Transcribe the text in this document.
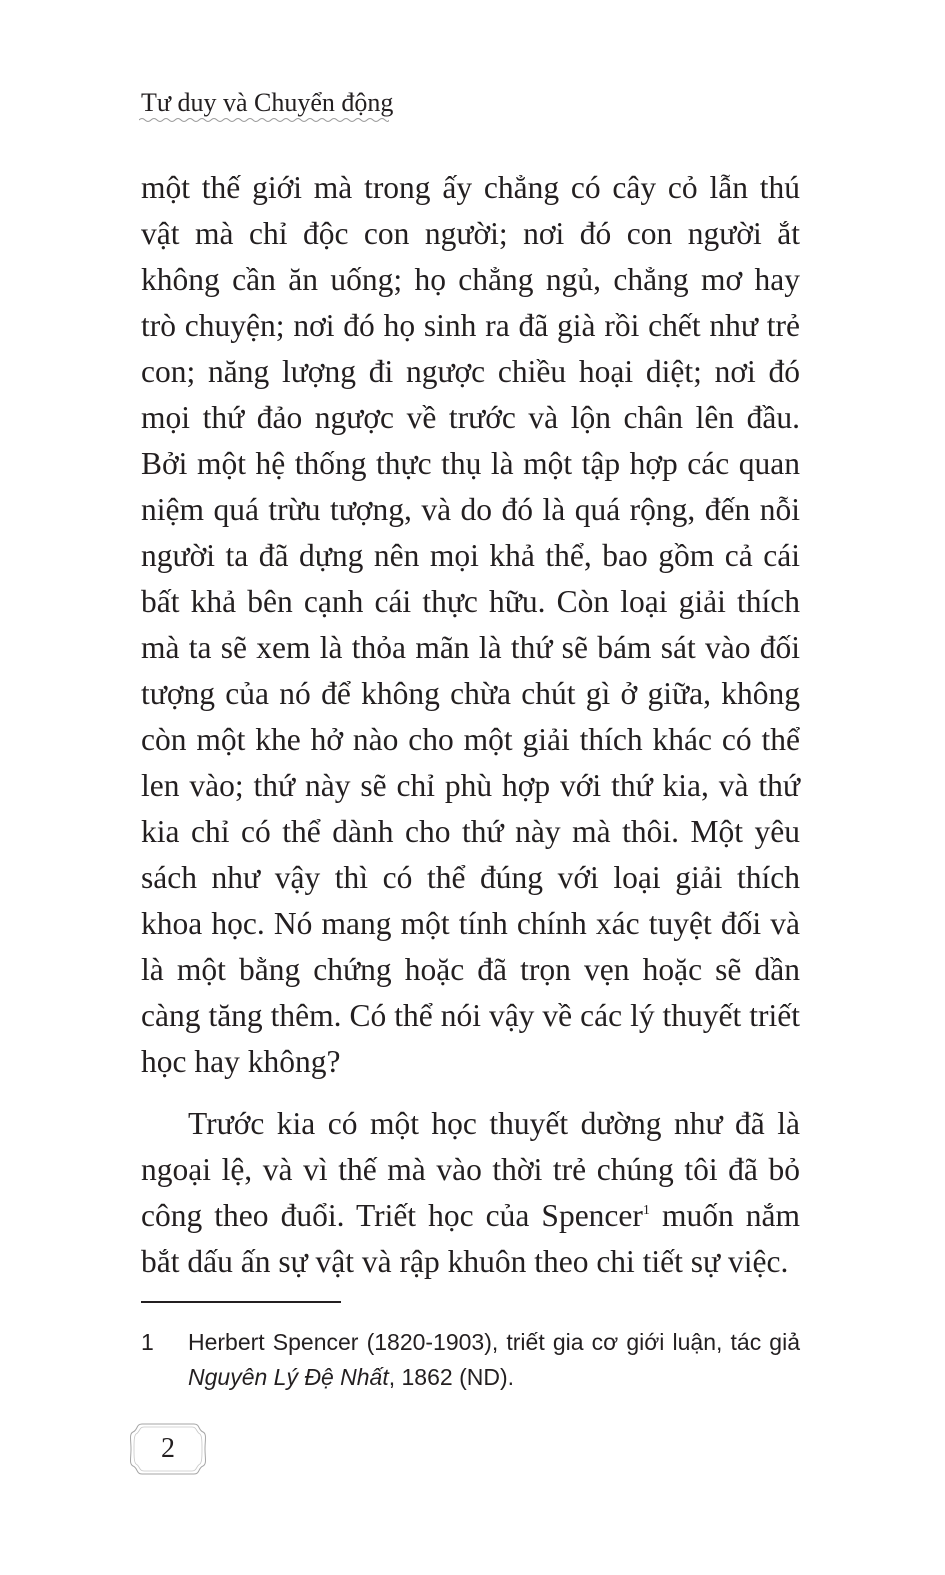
Tư duy và Chuyển động

một thế giới mà trong ấy chẳng có cây cỏ lẫn thú vật mà chỉ độc con người; nơi đó con người ắt không cần ăn uống; họ chẳng ngủ, chẳng mơ hay trò chuyện; nơi đó họ sinh ra đã già rồi chết như trẻ con; năng lượng đi ngược chiều hoại diệt; nơi đó mọi thứ đảo ngược về trước và lộn chân lên đầu. Bởi một hệ thống thực thụ là một tập hợp các quan niệm quá trừu tượng, và do đó là quá rộng, đến nỗi người ta đã dựng nên mọi khả thể, bao gồm cả cái bất khả bên cạnh cái thực hữu. Còn loại giải thích mà ta sẽ xem là thỏa mãn là thứ sẽ bám sát vào đối tượng của nó để không chừa chút gì ở giữa, không còn một khe hở nào cho một giải thích khác có thể len vào; thứ này sẽ chỉ phù hợp với thứ kia, và thứ kia chỉ có thể dành cho thứ này mà thôi. Một yêu sách như vậy thì có thể đúng với loại giải thích khoa học. Nó mang một tính chính xác tuyệt đối và là một bằng chứng hoặc đã trọn vẹn hoặc sẽ dần càng tăng thêm. Có thể nói vậy về các lý thuyết triết học hay không?

Trước kia có một học thuyết dường như đã là ngoại lệ, và vì thế mà vào thời trẻ chúng tôi đã bỏ công theo đuổi. Triết học của Spencer$^1$ muốn nắm bắt dấu ấn sự vật và rập khuôn theo chi tiết sự việc.

1	Herbert Spencer (1820-1903), triết gia cơ giới luận, tác giả Nguyên Lý Đệ Nhất, 1862 (ND).
2
